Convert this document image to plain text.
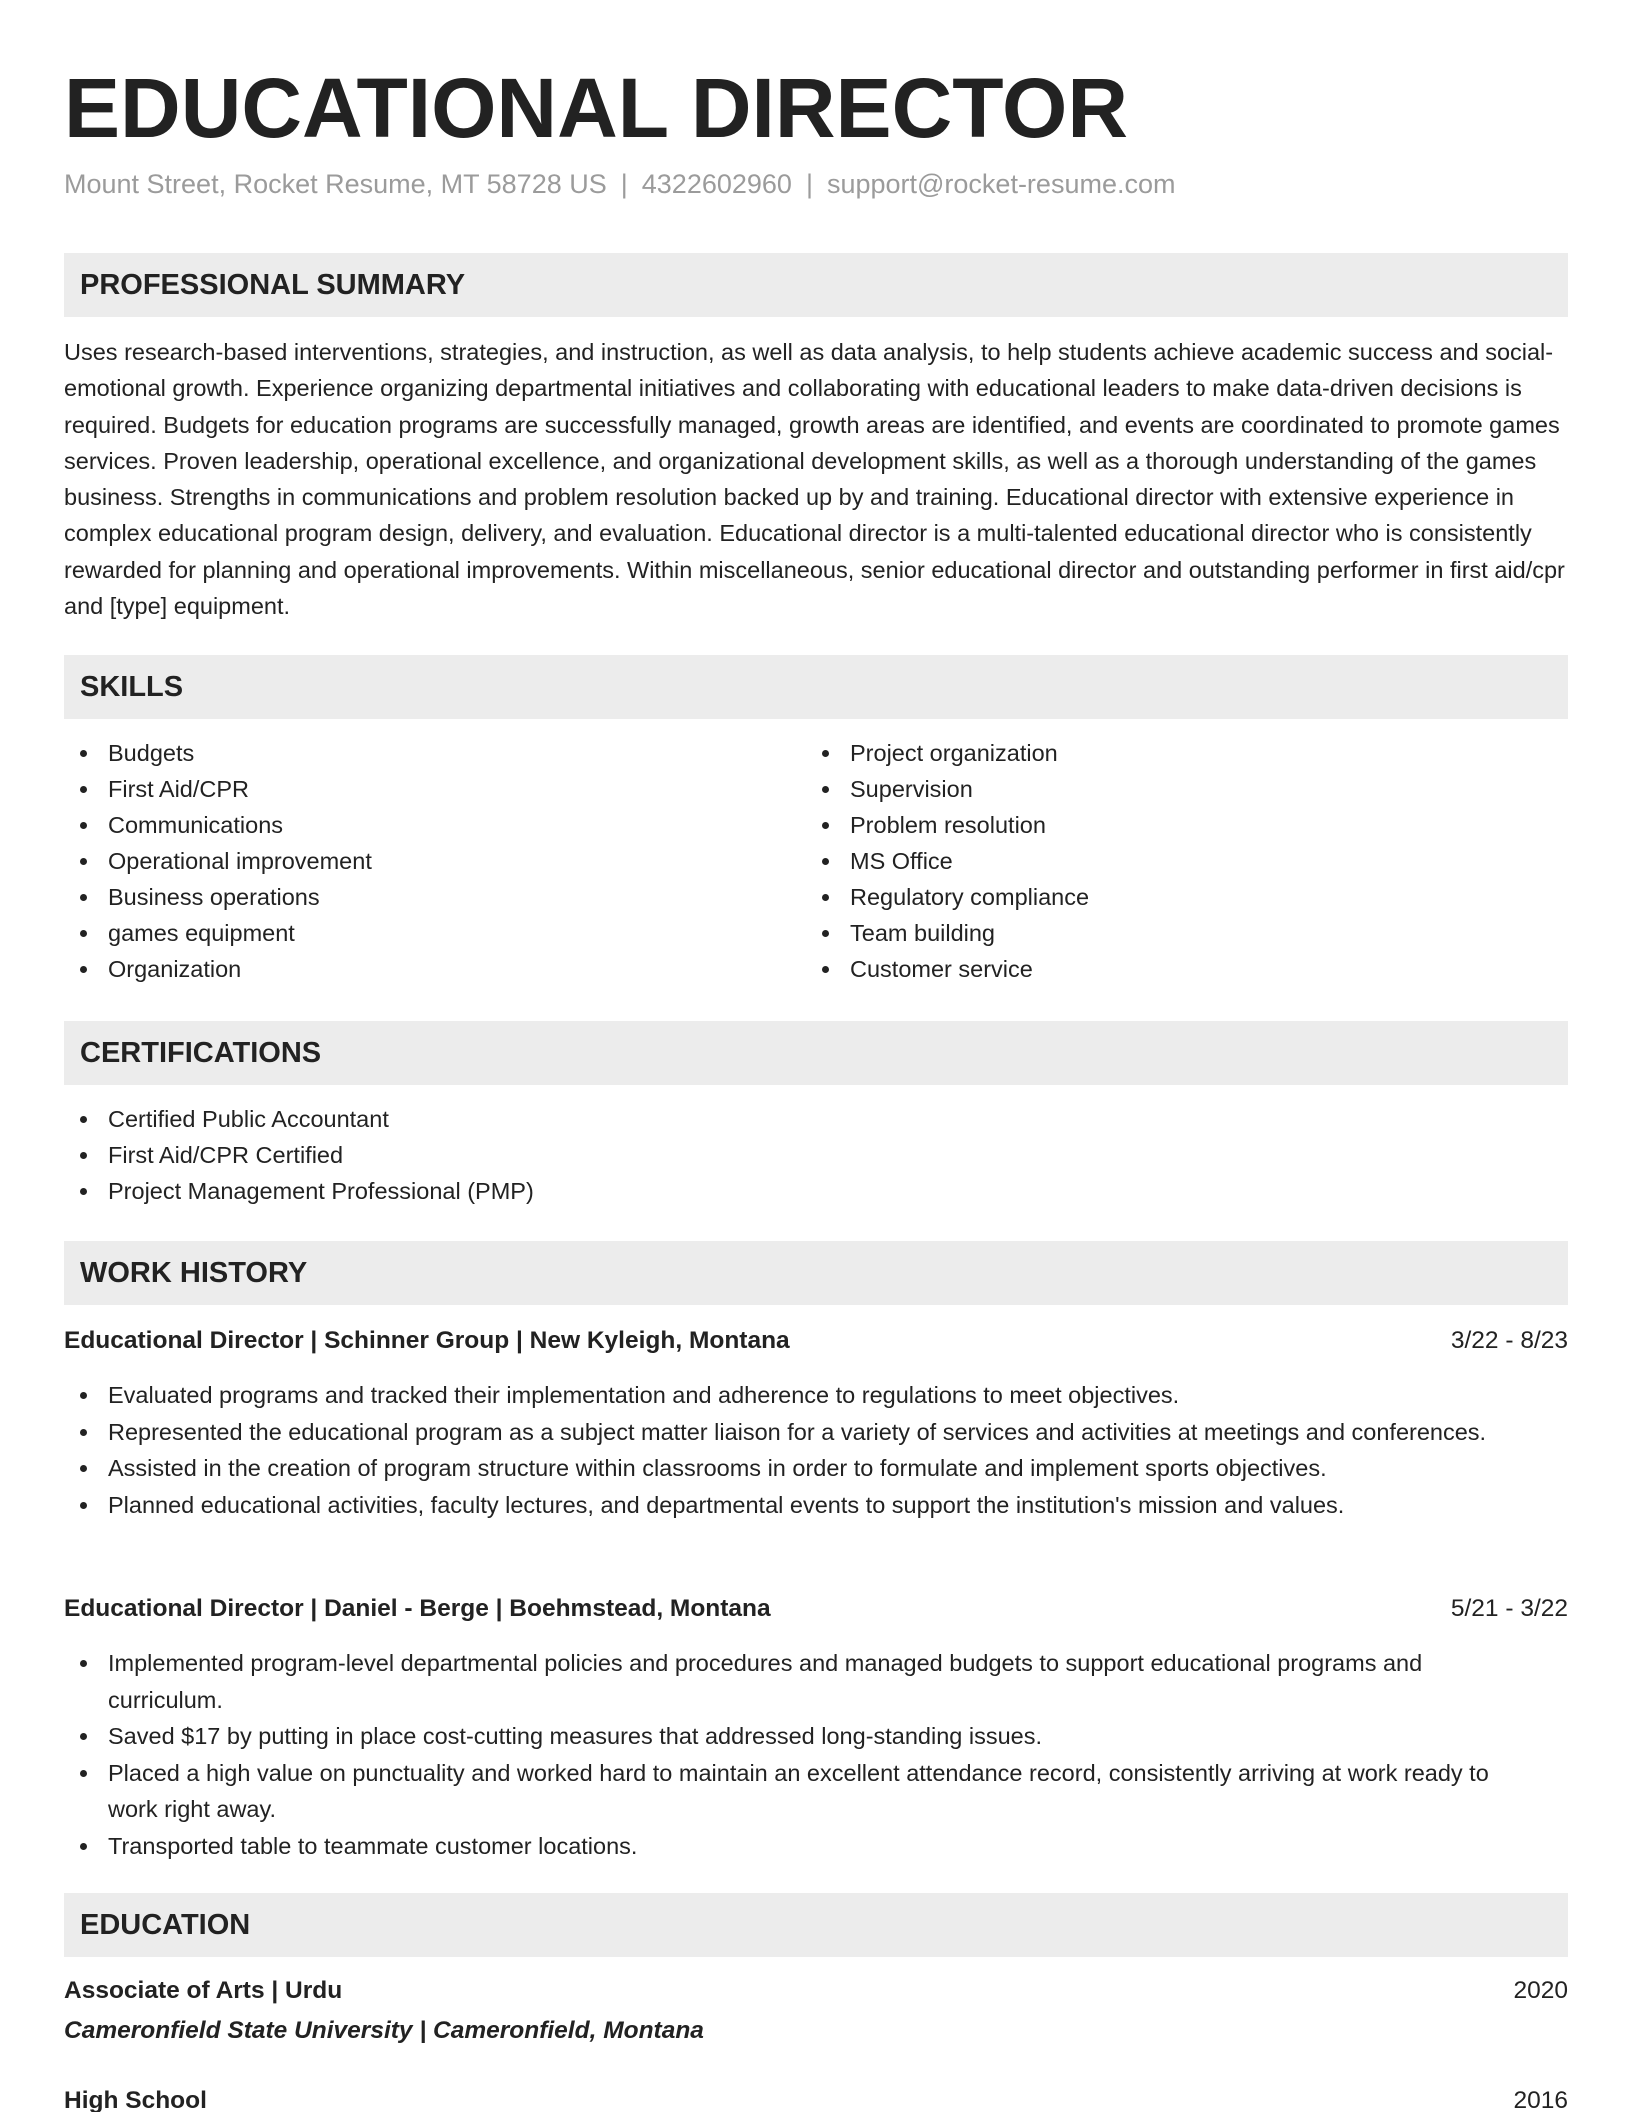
EDUCATIONAL DIRECTOR
Mount Street, Rocket Resume, MT 58728 US | 4322602960 | support@rocket-resume.com
PROFESSIONAL SUMMARY
Uses research-based interventions, strategies, and instruction, as well as data analysis, to help students achieve academic success and social-emotional growth. Experience organizing departmental initiatives and collaborating with educational leaders to make data-driven decisions is required. Budgets for education programs are successfully managed, growth areas are identified, and events are coordinated to promote games services. Proven leadership, operational excellence, and organizational development skills, as well as a thorough understanding of the games business. Strengths in communications and problem resolution backed up by and training. Educational director with extensive experience in complex educational program design, delivery, and evaluation. Educational director is a multi-talented educational director who is consistently rewarded for planning and operational improvements. Within miscellaneous, senior educational director and outstanding performer in first aid/cpr and [type] equipment.
SKILLS
Budgets
First Aid/CPR
Communications
Operational improvement
Business operations
games equipment
Organization
Project organization
Supervision
Problem resolution
MS Office
Regulatory compliance
Team building
Customer service
CERTIFICATIONS
Certified Public Accountant
First Aid/CPR Certified
Project Management Professional (PMP)
WORK HISTORY
Educational Director | Schinner Group | New Kyleigh, Montana	3/22 - 8/23
Evaluated programs and tracked their implementation and adherence to regulations to meet objectives.
Represented the educational program as a subject matter liaison for a variety of services and activities at meetings and conferences.
Assisted in the creation of program structure within classrooms in order to formulate and implement sports objectives.
Planned educational activities, faculty lectures, and departmental events to support the institution's mission and values.
Educational Director | Daniel - Berge | Boehmstead, Montana	5/21 - 3/22
Implemented program-level departmental policies and procedures and managed budgets to support educational programs and curriculum.
Saved $17 by putting in place cost-cutting measures that addressed long-standing issues.
Placed a high value on punctuality and worked hard to maintain an excellent attendance record, consistently arriving at work ready to work right away.
Transported table to teammate customer locations.
EDUCATION
Associate of Arts | Urdu	2020
Cameronfield State University | Cameronfield, Montana
High School	2016
